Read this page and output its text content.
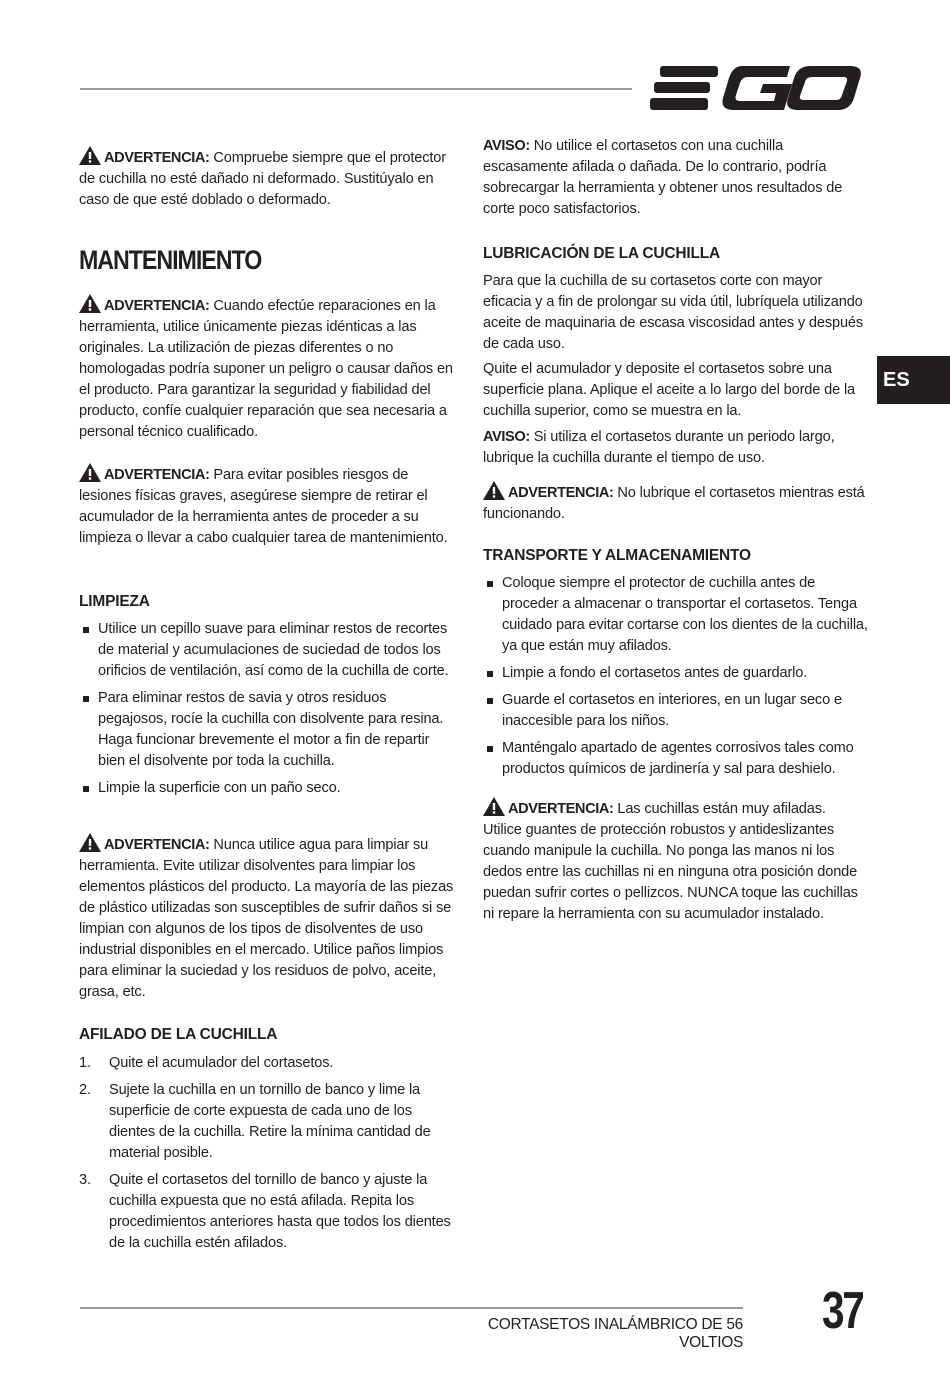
ES

ADVERTENCIA: Compruebe siempre que el protector de cuchilla no esté dañado ni deformado. Sustitúyalo en caso de que esté doblado o deformado.

MANTENIMIENTO

ADVERTENCIA: Cuando efectúe reparaciones en la herramienta, utilice únicamente piezas idénticas a las originales. La utilización de piezas diferentes o no homologadas podría suponer un peligro o causar daños en el producto. Para garantizar la seguridad y fiabilidad del producto, confíe cualquier reparación que sea necesaria a personal técnico cualificado.

ADVERTENCIA: Para evitar posibles riesgos de lesiones físicas graves, asegúrese siempre de retirar el acumulador de la herramienta antes de proceder a su limpieza o llevar a cabo cualquier tarea de mantenimiento.

LIMPIEZA
Utilice un cepillo suave para eliminar restos de recortes de material y acumulaciones de suciedad de todos los orificios de ventilación, así como de la cuchilla de corte.
Para eliminar restos de savia y otros residuos pegajosos, rocíe la cuchilla con disolvente para resina. Haga funcionar brevemente el motor a fin de repartir bien el disolvente por toda la cuchilla.
Limpie la superficie con un paño seco.

ADVERTENCIA: Nunca utilice agua para limpiar su herramienta. Evite utilizar disolventes para limpiar los elementos plásticos del producto. La mayoría de las piezas de plástico utilizadas son susceptibles de sufrir daños si se limpian con algunos de los tipos de disolventes de uso industrial disponibles en el mercado. Utilice paños limpios para eliminar la suciedad y los residuos de polvo, aceite, grasa, etc.

AFILADO DE LA CUCHILLA
1. Quite el acumulador del cortasetos.
2. Sujete la cuchilla en un tornillo de banco y lime la superficie de corte expuesta de cada uno de los dientes de la cuchilla. Retire la mínima cantidad de material posible.
3. Quite el cortasetos del tornillo de banco y ajuste la cuchilla expuesta que no está afilada. Repita los procedimientos anteriores hasta que todos los dientes de la cuchilla estén afilados.

AVISO: No utilice el cortasetos con una cuchilla escasamente afilada o dañada. De lo contrario, podría sobrecargar la herramienta y obtener unos resultados de corte poco satisfactorios.

LUBRICACIÓN DE LA CUCHILLA

Para que la cuchilla de su cortasetos corte con mayor eficacia y a fin de prolongar su vida útil, lubríquela utilizando aceite de maquinaria de escasa viscosidad antes y después de cada uso.

Quite el acumulador y deposite el cortasetos sobre una superficie plana. Aplique el aceite a lo largo del borde de la cuchilla superior, como se muestra en la.

AVISO: Si utiliza el cortasetos durante un periodo largo, lubrique la cuchilla durante el tiempo de uso.

ADVERTENCIA: No lubrique el cortasetos mientras está funcionando.

TRANSPORTE Y ALMACENAMIENTO
Coloque siempre el protector de cuchilla antes de proceder a almacenar o transportar el cortasetos. Tenga cuidado para evitar cortarse con los dientes de la cuchilla, ya que están muy afilados.
Limpie a fondo el cortasetos antes de guardarlo.
Guarde el cortasetos en interiores, en un lugar seco e inaccesible para los niños.
Manténgalo apartado de agentes corrosivos tales como productos químicos de jardinería y sal para deshielo.

ADVERTENCIA: Las cuchillas están muy afiladas. Utilice guantes de protección robustos y antideslizantes cuando manipule la cuchilla. No ponga las manos ni los dedos entre las cuchillas ni en ninguna otra posición donde puedan sufrir cortes o pellizcos. NUNCA toque las cuchillas ni repare la herramienta con su acumulador instalado.

CORTASETOS INALÁMBRICO DE 56 VOLTIOS
37
